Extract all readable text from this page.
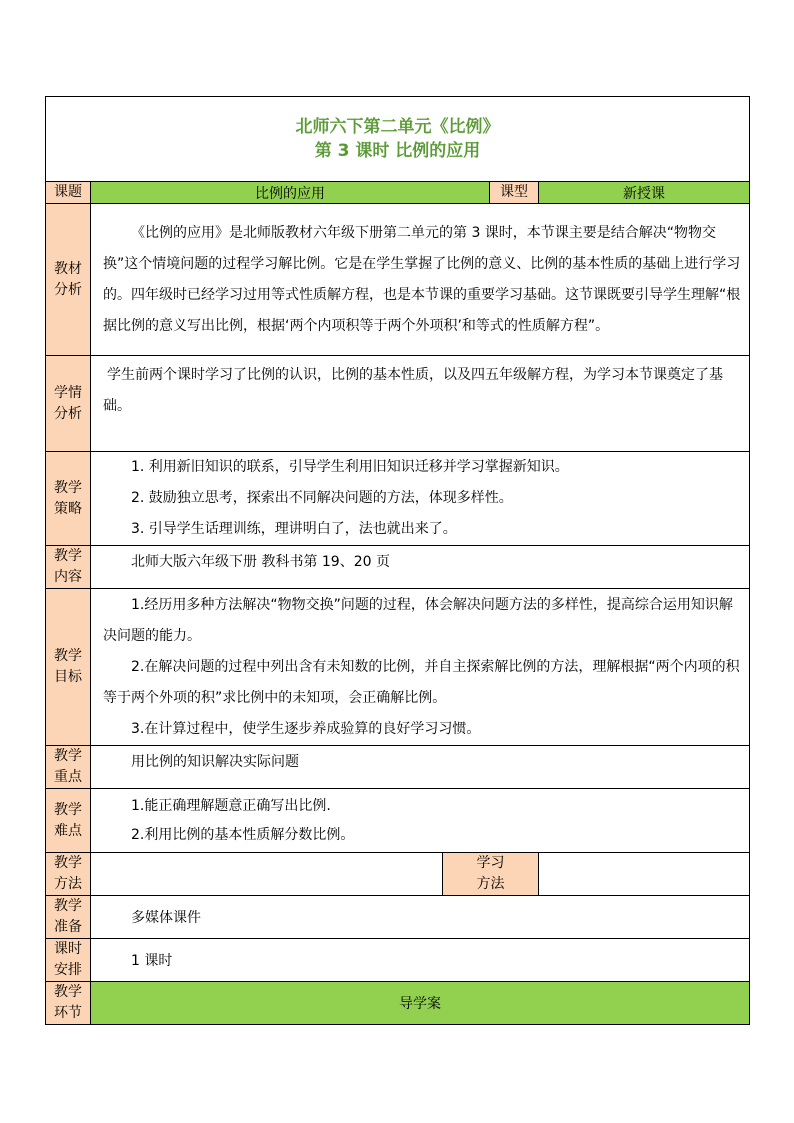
北师六下第二单元《比例》
第 3 课时 比例的应用				

课题	比例的应用		课型	新授课

教材分析	《比例的应用》是北师版教材六年级下册第二单元的第 3 课时，本节课主要是结合解决“物物交换”这个情境问题的过程学习解比例。它是在学生掌握了比例的意义、比例的基本性质的基础上进行学习的。四年级时已经学习过用等式性质解方程，也是本节课的重要学习基础。这节课既要引导学生理解“根据比例的意义写出比例，根据‘两个内项积等于两个外项积’和等式的性质解方程”。			

学情分析	学生前两个课时学习了比例的认识，比例的基本性质，以及四五年级解方程，为学习本节课奠定了基础。			

教学策略	1. 利用新旧知识的联系，引导学生利用旧知识迁移并学习掌握新知识。
2. 鼓励独立思考，探索出不同解决问题的方法，体现多样性。
3. 引导学生话理训练，理讲明白了，法也就出来了。			

教学内容	北师大版六年级下册 教科书第 19、20 页			

教学目标	1.经历用多种方法解决“物物交换”问题的过程，体会解决问题方法的多样性，提高综合运用知识解决问题的能力。
2.在解决问题的过程中列出含有未知数的比例，并自主探索解比例的方法，理解根据“两个内项的积等于两个外项的积”求比例中的未知项，会正确解比例。
3.在计算过程中，使学生逐步养成验算的良好学习习惯。			

教学重点	用比例的知识解决实际问题			

教学难点	1.能正确理解题意正确写出比例.
2.利用比例的基本性质解分数比例。			

教学方法		学习方法		

教学准备	多媒体课件			

课时安排	1 课时			

教学环节	导学案			
